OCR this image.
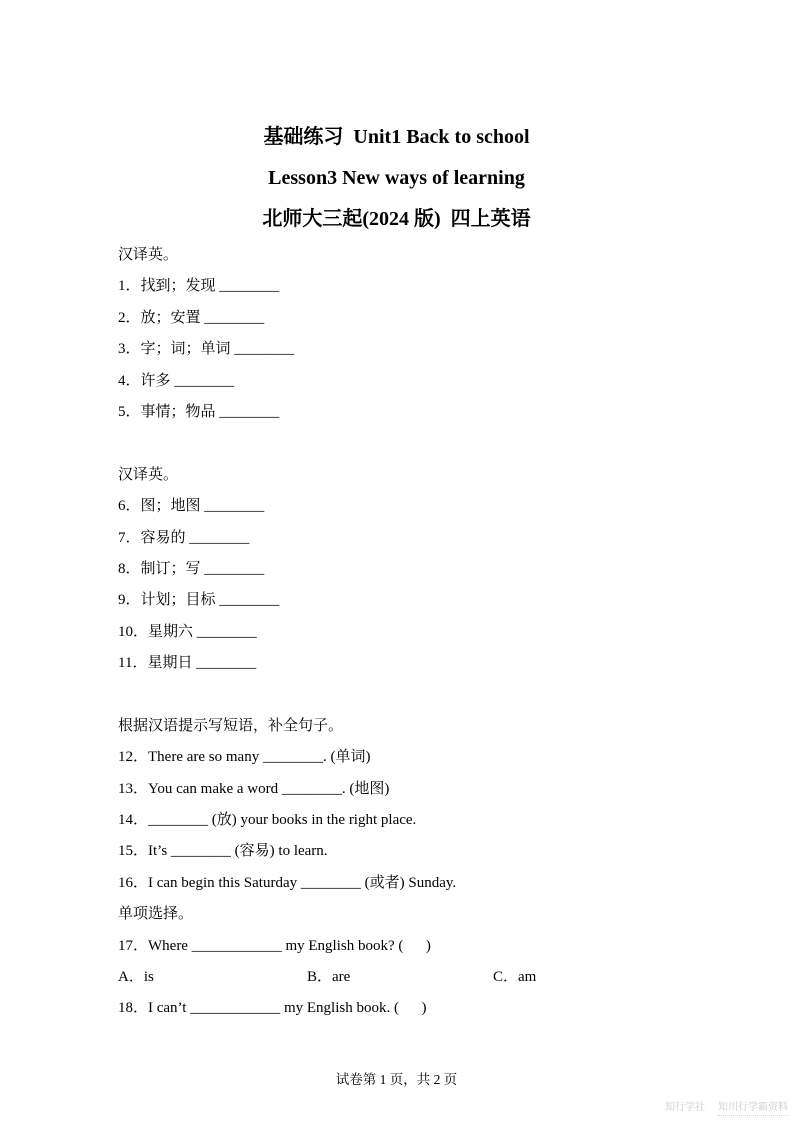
基础练习  Unit1 Back to school
Lesson3 New ways of learning
北师大三起(2024 版)  四上英语
汉译英。
1．找到；发现 ________
2．放；安置 ________
3．字；词；单词 ________
4．许多 ________
5．事情；物品 ________
汉译英。
6．图；地图 ________
7．容易的 ________
8．制订；写 ________
9．计划；目标 ________
10．星期六 ________
11．星期日 ________
根据汉语提示写短语，补全句子。
12．There are so many ________. (单词)
13．You can make a word ________. (地图)
14．________ (放) your books in the right place.
15．It’s ________ (容易) to learn.
16．I can begin this Saturday ________ (或者) Sunday.
单项选择。
17．Where ____________ my English book? (      )

A．is

	B．are

	C．am

18．I can’t ____________ my English book. (      )
试卷第 1 页，共 2 页
知行学社 知川行学霸资料
